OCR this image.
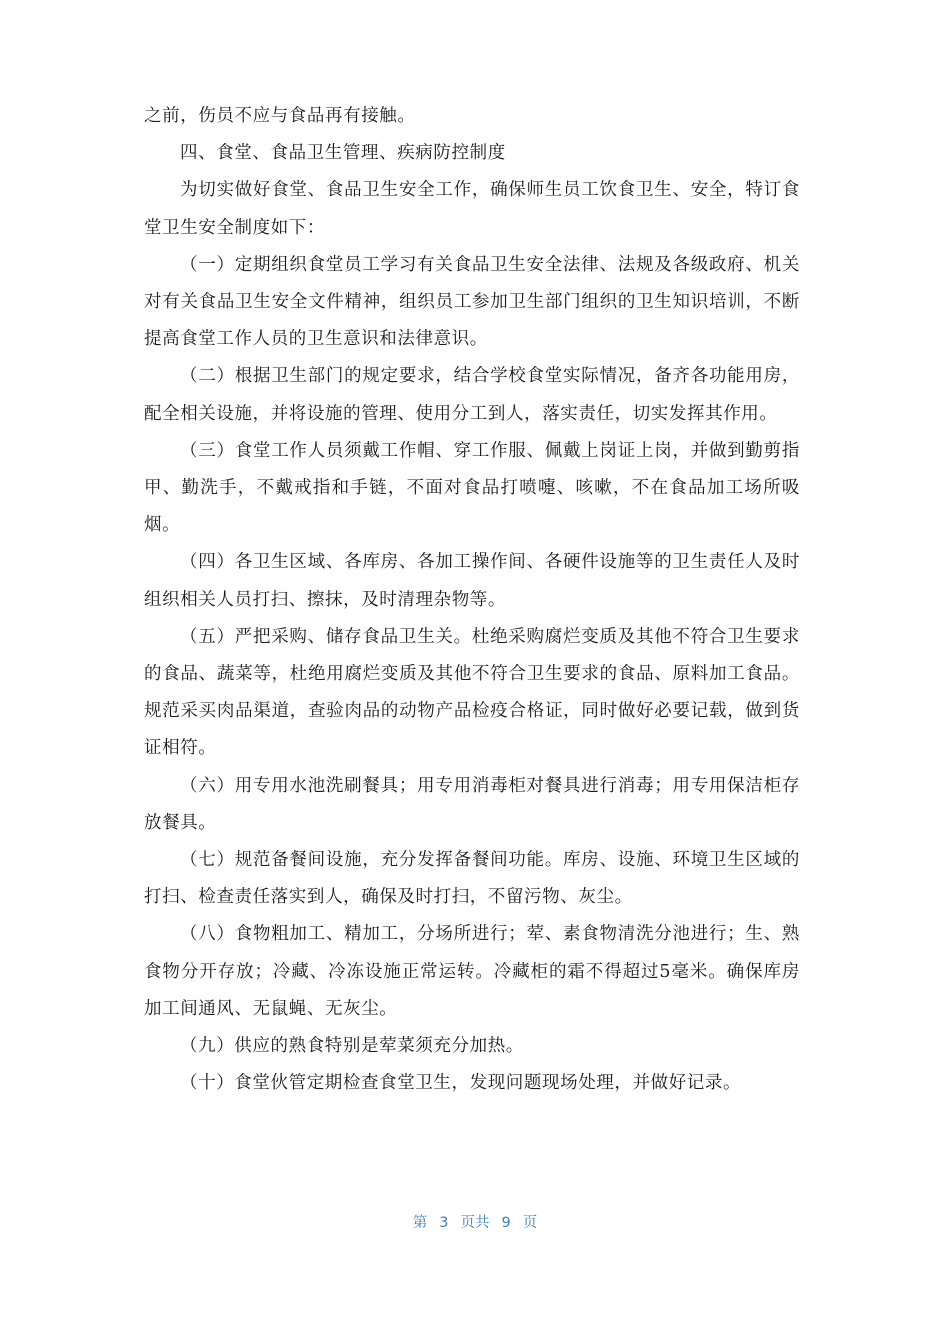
之前，伤员不应与食品再有接触。

四、食堂、食品卫生管理、疾病防控制度

为切实做好食堂、食品卫生安全工作，确保师生员工饮食卫生、安全，特订食堂卫生安全制度如下：

（一）定期组织食堂员工学习有关食品卫生安全法律、法规及各级政府、机关对有关食品卫生安全文件精神，组织员工参加卫生部门组织的卫生知识培训，不断提高食堂工作人员的卫生意识和法律意识。

（二）根据卫生部门的规定要求，结合学校食堂实际情况，备齐各功能用房，配全相关设施，并将设施的管理、使用分工到人，落实责任，切实发挥其作用。

（三）食堂工作人员须戴工作帽、穿工作服、佩戴上岗证上岗，并做到勤剪指甲、勤洗手，不戴戒指和手链，不面对食品打喷嚏、咳嗽，不在食品加工场所吸烟。

（四）各卫生区域、各库房、各加工操作间、各硬件设施等的卫生责任人及时组织相关人员打扫、擦抹，及时清理杂物等。

（五）严把采购、储存食品卫生关。杜绝采购腐烂变质及其他不符合卫生要求的食品、蔬菜等，杜绝用腐烂变质及其他不符合卫生要求的食品、原料加工食品。规范采买肉品渠道，查验肉品的动物产品检疫合格证，同时做好必要记载，做到货证相符。

（六）用专用水池洗刷餐具；用专用消毒柜对餐具进行消毒；用专用保洁柜存放餐具。

（七）规范备餐间设施，充分发挥备餐间功能。库房、设施、环境卫生区域的打扫、检查责任落实到人，确保及时打扫，不留污物、灰尘。

（八）食物粗加工、精加工，分场所进行；荤、素食物清洗分池进行；生、熟食物分开存放；冷藏、冷冻设施正常运转。冷藏柜的霜不得超过5毫米。确保库房加工间通风、无鼠蝇、无灰尘。

（九）供应的熟食特别是荤菜须充分加热。

（十）食堂伙管定期检查食堂卫生，发现问题现场处理，并做好记录。

第 3 页共 9 页
